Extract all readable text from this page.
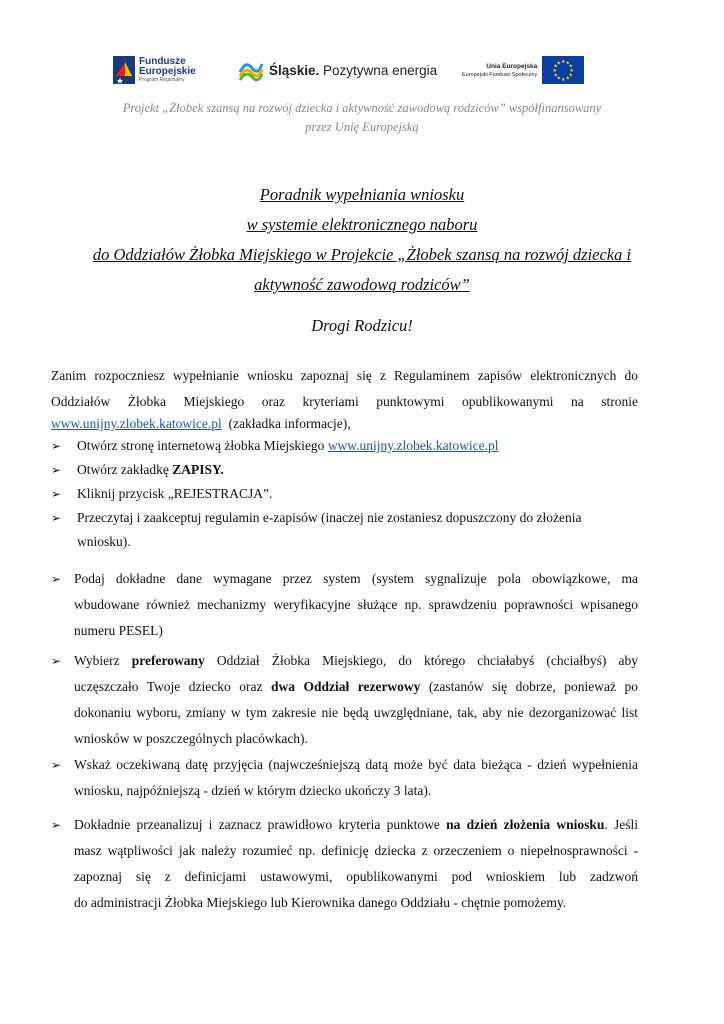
Fundusze
Europejskie
Program Regionalny
Śląskie. Pozytywna energia	Unia Europejska
Europejski Fundusz Społeczny
★ ★
★
★
★
★
★
★
★
★
★
★
Projekt „Żłobek szansą na rozwój dziecka i aktywność zawodową rodziców” współfinansowany
przez Unię Europejską
Poradnik wypełniania wniosku
w systemie elektronicznego naboru
do Oddziałów Żłobka Miejskiego w Projekcie „Żłobek szansą na rozwój dziecka i
aktywność zawodową rodziców”
Drogi Rodzicu!
Zanim rozpoczniesz wypełnianie wniosku zapoznaj się z Regulaminem zapisów elektronicznych do
Oddziałów Żłobka Miejskiego oraz kryteriami punktowymi opublikowanymi na stronie
www.unijny.zlobek.katowice.pl  (zakładka informacje),
➢ Otwórz stronę internetową żłobka Miejskiego www.unijny.zlobek.katowice.pl
➢ Otwórz zakładkę ZAPISY.
➢ Kliknij przycisk „REJESTRACJA”.
➢ Przeczytaj i zaakceptuj regulamin e-zapisów (inaczej nie zostaniesz dopuszczony do złożenia
wniosku).
➢ Podaj dokładne dane wymagane przez system (system sygnalizuje pola obowiązkowe, ma
wbudowane również mechanizmy weryfikacyjne służące np. sprawdzeniu poprawności wpisanego
numeru PESEL)
➢ Wybierz preferowany Oddział Żłobka Miejskiego, do którego chciałabyś (chciałbyś) aby
uczęszczało Twoje dziecko oraz dwa Oddział rezerwowy (zastanów się dobrze, ponieważ po
dokonaniu wyboru, zmiany w tym zakresie nie będą uwzględniane, tak, aby nie dezorganizować list
wniosków w poszczególnych placówkach).
➢ Wskaż oczekiwaną datę przyjęcia (najwcześniejszą datą może być data bieżąca - dzień wypełnienia
wniosku, najpóźniejszą - dzień w którym dziecko ukończy 3 lata).
➢ Dokładnie przeanalizuj i zaznacz prawidłowo kryteria punktowe na dzień złożenia wniosku. Jeśli
masz wątpliwości jak należy rozumieć np. definicję dziecka z orzeczeniem o niepełnosprawności -
zapoznaj się z definicjami ustawowymi, opublikowanymi pod wnioskiem lub zadzwoń
do administracji Żłobka Miejskiego lub Kierownika danego Oddziału - chętnie pomożemy.
